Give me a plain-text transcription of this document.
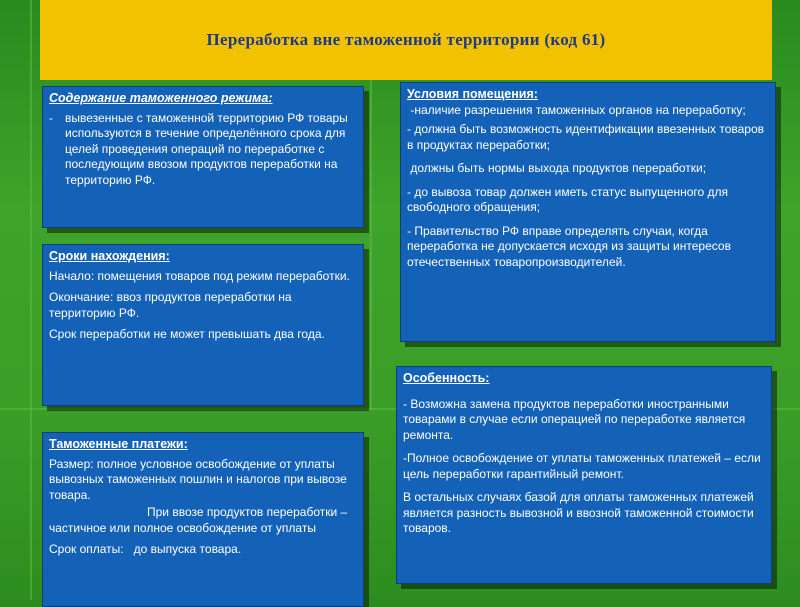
Переработка вне таможенной территории (код 61)
Содержание таможенного режима:
-	вывезенные с таможенной территорию РФ товары используются в течение определённого срока для целей проведения операций по переработке с последующим ввозом продуктов переработки на территорию РФ.
Сроки нахождения:

Начало: помещения товаров под режим переработки.

Окончание: ввоз продуктов переработки на территорию РФ.

Срок переработки не может превышать два года.

Таможенные платежи:

Размер: полное условное освобождение от уплаты вывозных таможенных пошлин и налогов при вывозе товара.

При ввозе продуктов переработки – частичное или полное освобождение от уплаты

Срок оплаты:   до выпуска товара.

Условия помещения:

-наличие разрешения таможенных органов на переработку;

- должна быть возможность идентификации ввезенных товаров в продуктах переработки;

должны быть нормы выхода продуктов переработки;

- до вывоза товар должен иметь статус выпущенного для свободного обращения;

- Правительство РФ вправе определять случаи, когда переработка не допускается исходя из защиты интересов отечественных товаропроизводителей.

Особенность:

- Возможна замена продуктов переработки иностранными товарами в случае если операцией по переработке является ремонта.

-Полное освобождение от уплаты таможенных платежей – если цель переработки гарантийный ремонт.

В остальных случаях базой для оплаты таможенных платежей является разность вывозной и ввозной таможенной стоимости товаров.
